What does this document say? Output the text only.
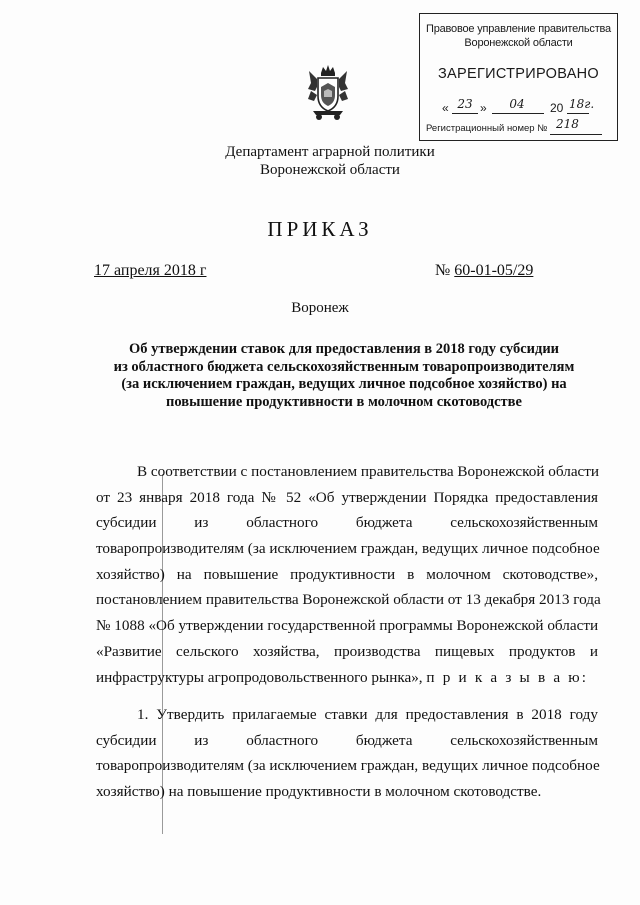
Правовое управление правительства
Воронежской области
ЗАРЕГИСТРИРОВАНО
« 23 »	04	20 18г.
Регистрационный номер № 218
Департамент аграрной политики
Воронежской области
ПРИКАЗ
17 апреля 2018 г	№ 60-01-05/29
Воронеж
Об утверждении ставок для предоставления в 2018 году субсидии
из областного бюджета сельскохозяйственным товаропроизводителям
(за исключением граждан, ведущих личное подсобное хозяйство) на
повышение продуктивности в молочном скотоводстве
В соответствии с постановлением правительства Воронежской области
от 23 января 2018 года № 52 «Об утверждении Порядка предоставления
субсидии из областного бюджета сельскохозяйственным
товаропроизводителям (за исключением граждан, ведущих личное подсобное
хозяйство) на повышение продуктивности в молочном скотоводстве»,
постановлением правительства Воронежской области от 13 декабря 2013 года
№ 1088 «Об утверждении государственной программы Воронежской области
«Развитие сельского хозяйства, производства пищевых продуктов и
инфраструктуры агропродовольственного рынка», п р и к а з ы в а ю:
1. Утвердить прилагаемые ставки для предоставления в 2018 году
субсидии из областного бюджета сельскохозяйственным
товаропроизводителям (за исключением граждан, ведущих личное подсобное
хозяйство) на повышение продуктивности в молочном скотоводстве.
